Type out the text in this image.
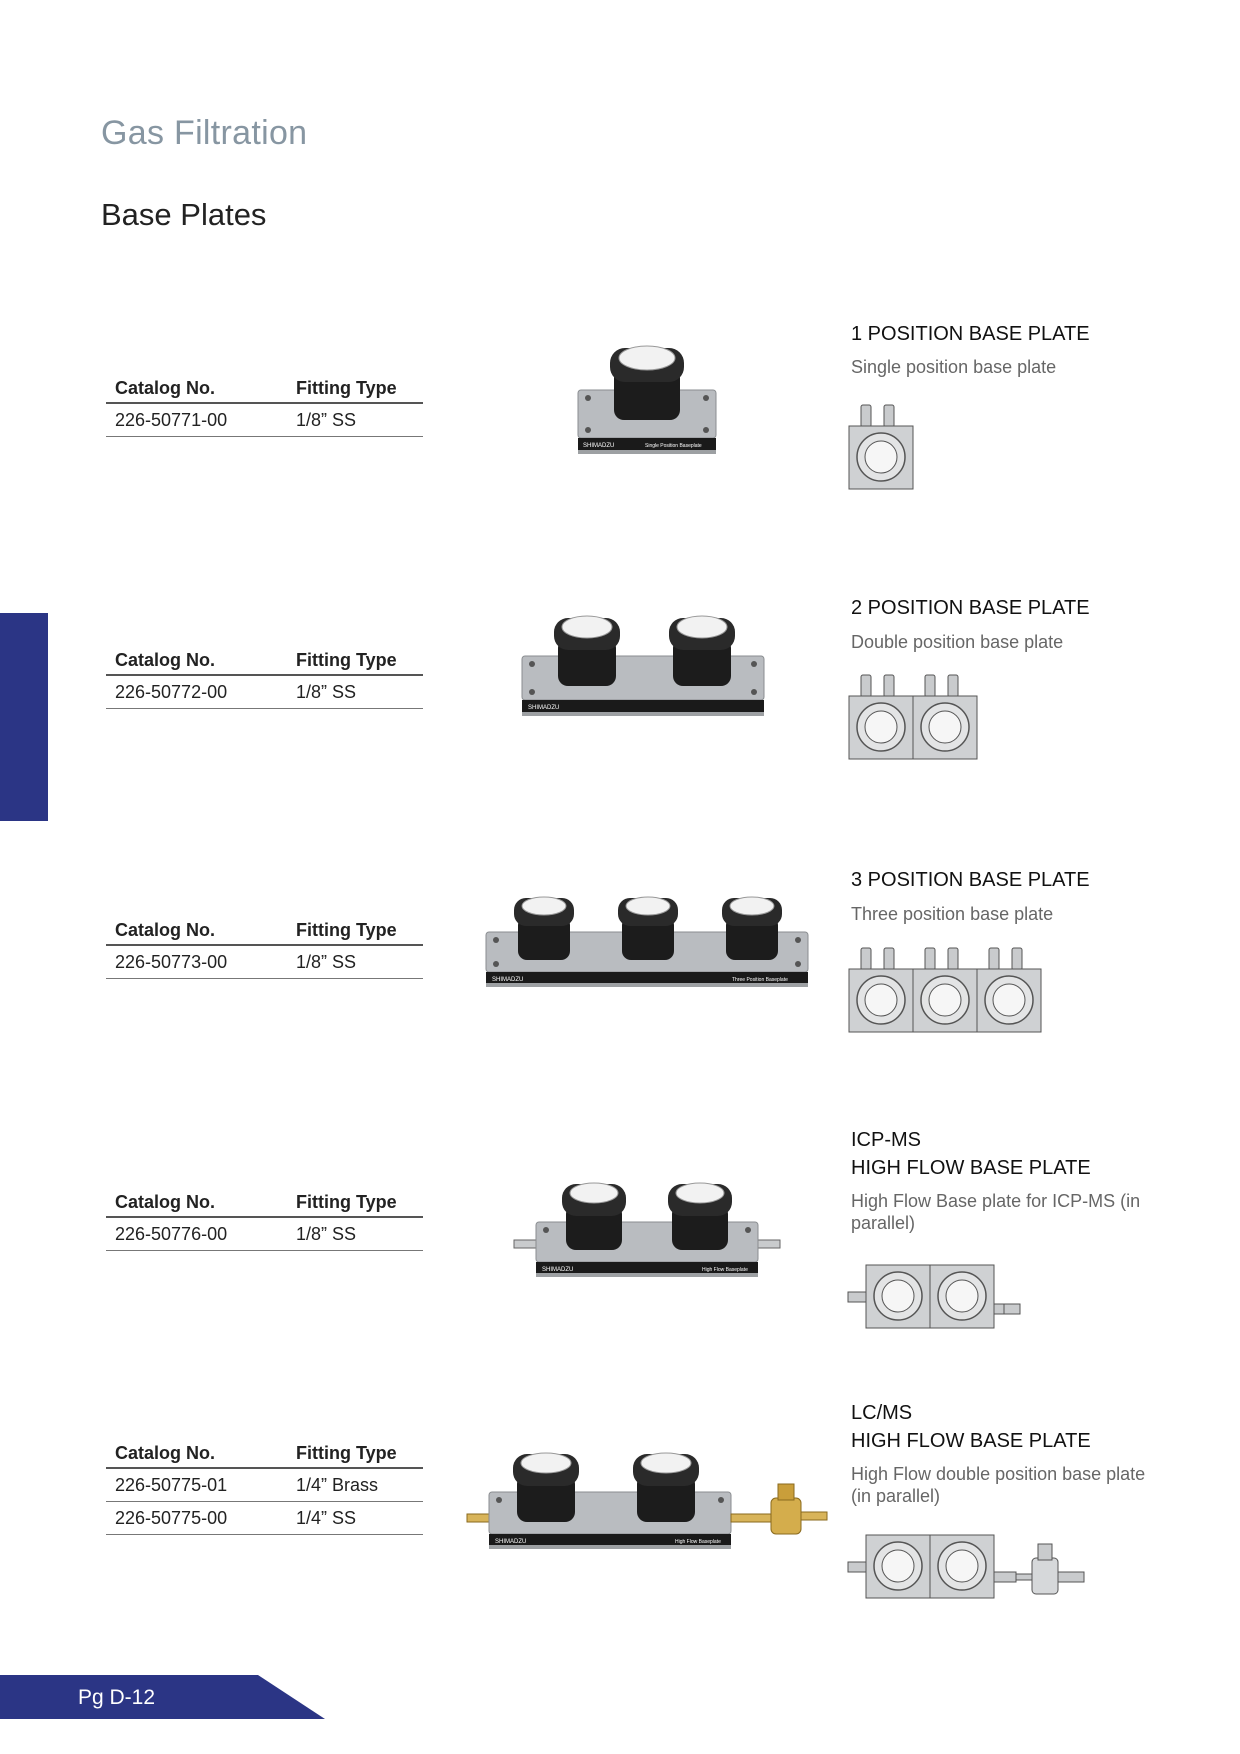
Gas Filtration
Base Plates
Pg D-12
Catalog No.	Fitting Type
226-50771-00	1/8” SS
SHIMADZU	Single Position Baseplate
1 POSITION BASE PLATE
Single position base plate
Catalog No.	Fitting Type
226-50772-00	1/8” SS
SHIMADZU
2 POSITION BASE PLATE
Double position base plate
Catalog No.	Fitting Type
226-50773-00	1/8” SS
SHIMADZU	Three Position Baseplate
3 POSITION BASE PLATE
Three position base plate
Catalog No.	Fitting Type
226-50776-00	1/8” SS
SHIMADZU	High Flow Baseplate
ICP-MS
HIGH FLOW BASE PLATE
High Flow Base plate for ICP-MS (in parallel)
Catalog No.	Fitting Type
226-50775-01	1/4” Brass
226-50775-00	1/4” SS
SHIMADZU	High Flow Baseplate
LC/MS
HIGH FLOW BASE PLATE
High Flow double position base plate (in parallel)
